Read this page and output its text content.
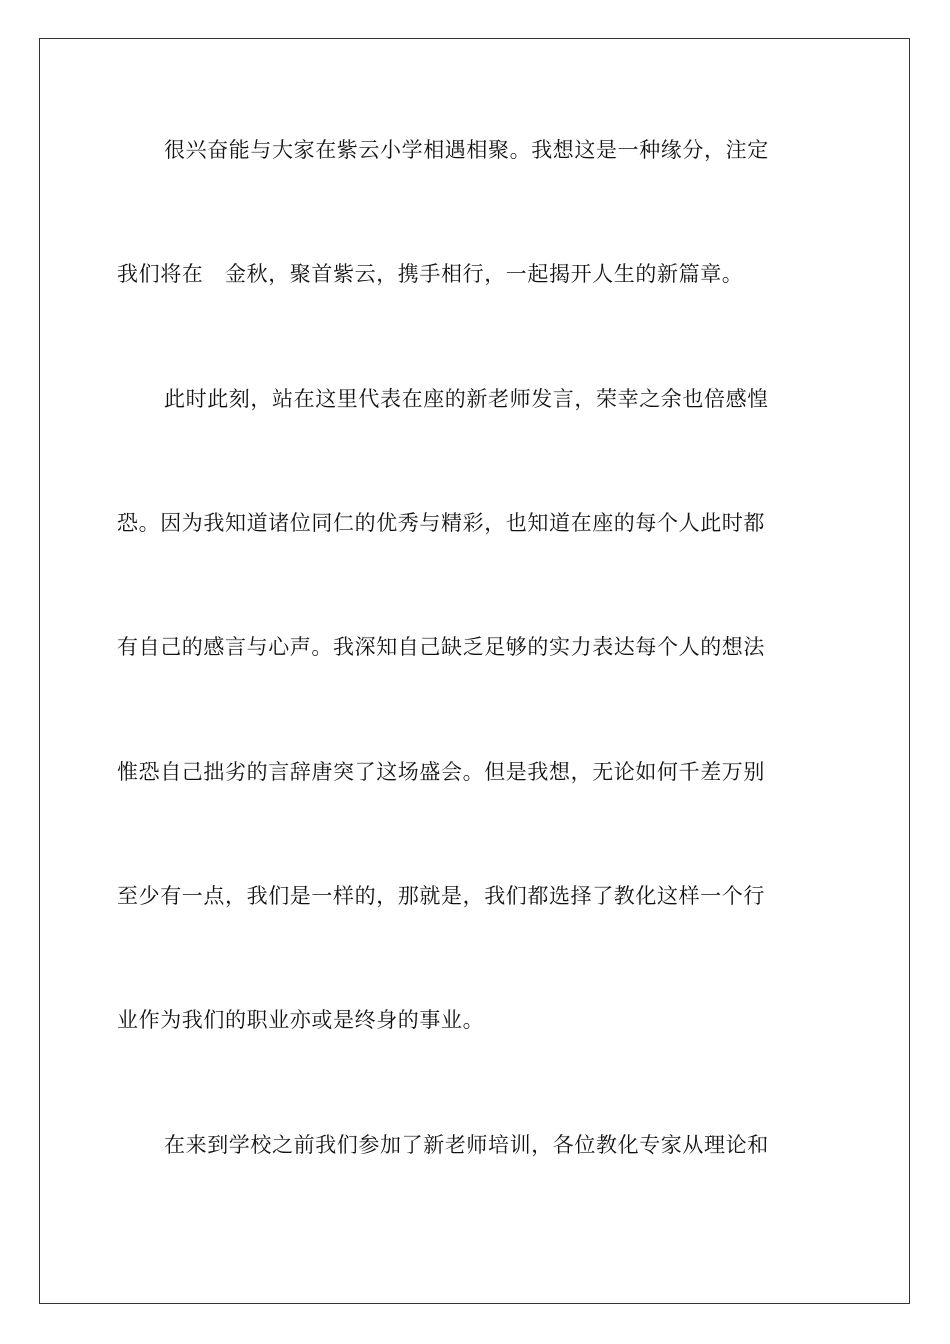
很兴奋能与大家在紫云小学相遇相聚。我想这是一种缘分，注定
我们将在　金秋，聚首紫云，携手相行，一起揭开人生的新篇章。
此时此刻，站在这里代表在座的新老师发言，荣幸之余也倍感惶
恐。因为我知道诸位同仁的优秀与精彩，也知道在座的每个人此时都
有自己的感言与心声。我深知自己缺乏足够的实力表达每个人的想法
惟恐自己拙劣的言辞唐突了这场盛会。但是我想，无论如何千差万别
至少有一点，我们是一样的，那就是，我们都选择了教化这样一个行
业作为我们的职业亦或是终身的事业。
在来到学校之前我们参加了新老师培训，各位教化专家从理论和
